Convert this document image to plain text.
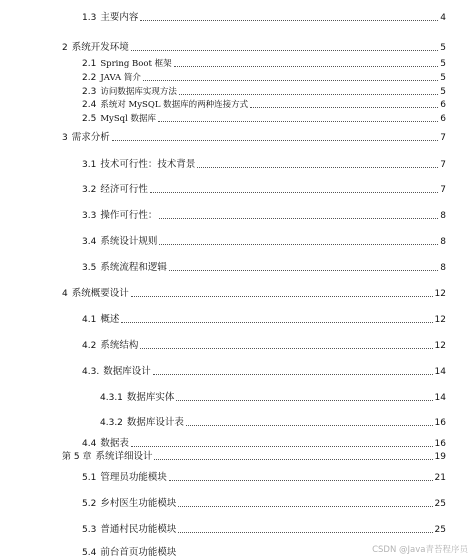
1.3 主要内容	4
2 系统开发环境	5
2.1 Spring Boot 框架	5
2.2 JAVA 简介	5
2.3 访问数据库实现方法	5
2.4 系统对 MySQL 数据库的两种连接方式	6
2.5 MySql 数据库	6
3 需求分析	7
3.1 技术可行性：技术背景	7
3.2 经济可行性	7
3.3 操作可行性：	8
3.4 系统设计规则	8
3.5 系统流程和逻辑	8
4 系统概要设计	12
4.1 概述	12
4.2 系统结构	12
4.3. 数据库设计	14
4.3.1 数据库实体	14
4.3.2 数据库设计表	16
4.4 数据表	16
第 5 章 系统详细设计	19
5.1 管理员功能模块	21
5.2 乡村医生功能模块	25
5.3 普通村民功能模块	25
5.4 前台首页功能模块	CSDN @Java青苔程序员
